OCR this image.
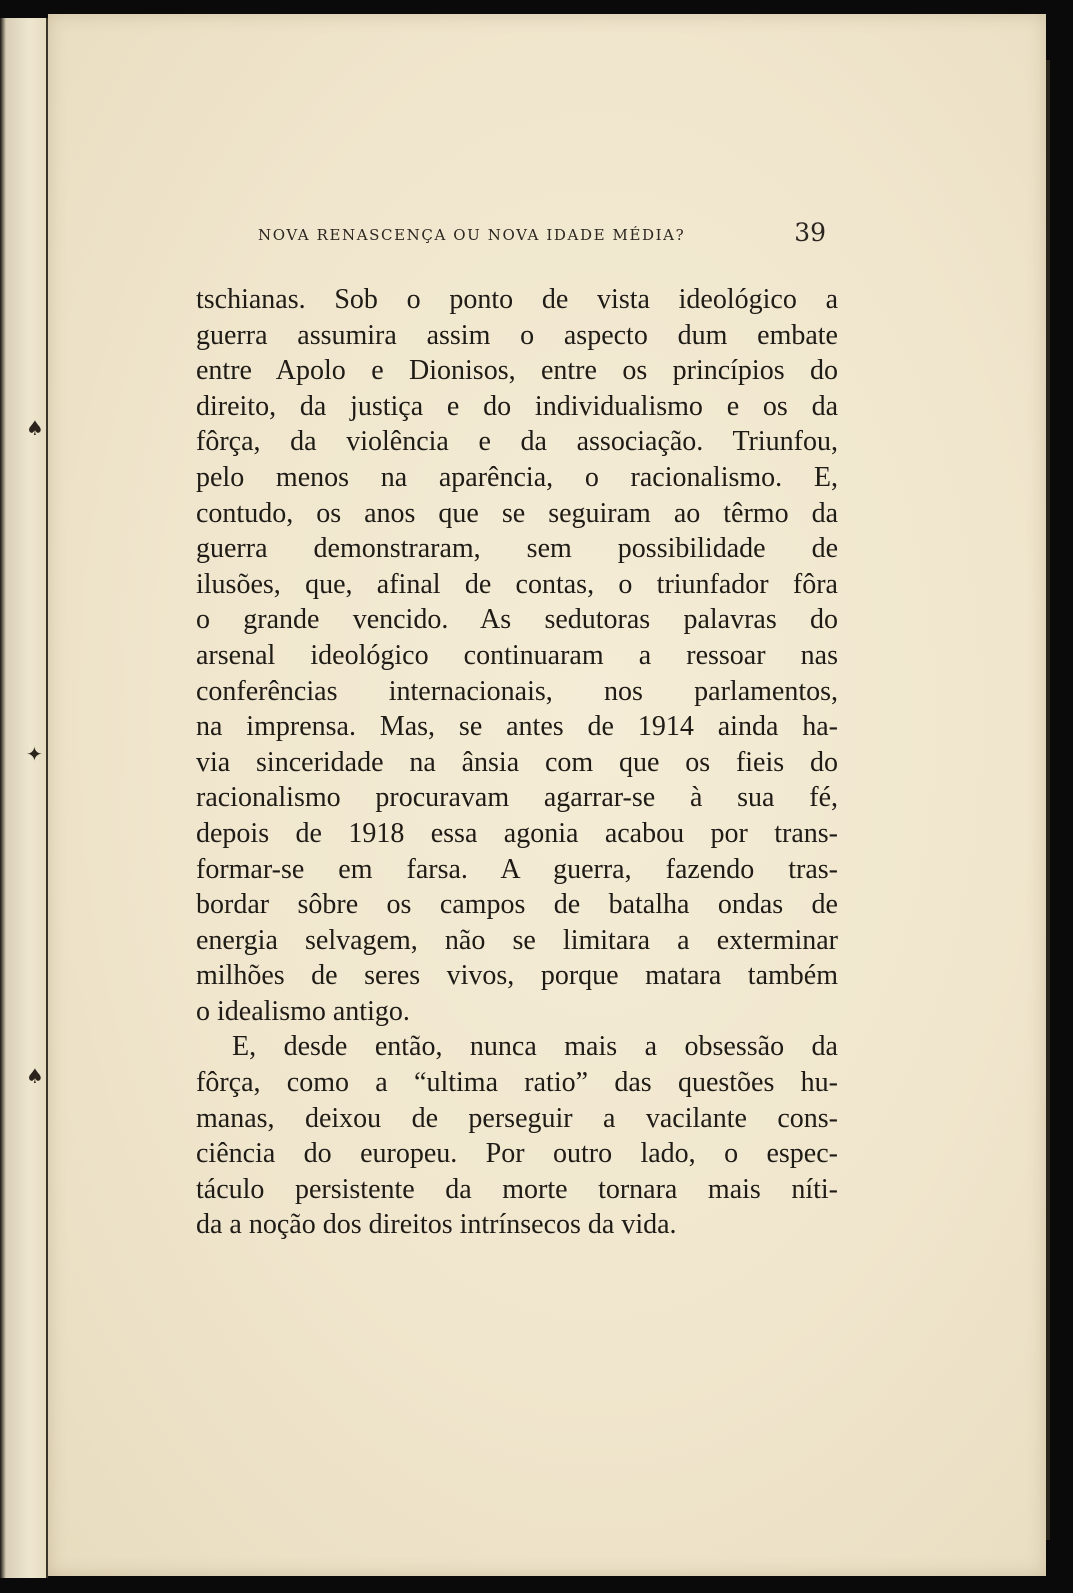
♠
✦
♠
NOVA RENASCENÇA OU NOVA IDADE MÉDIA?	39
tschianas. Sob o ponto de vista ideológico a
guerra assumira assim o aspecto dum embate
entre Apolo e Dionisos, entre os princípios do
direito, da justiça e do individualismo e os da
fôrça, da violência e da associação. Triunfou,
pelo menos na aparência, o racionalismo. E,
contudo, os anos que se seguiram ao têrmo da
guerra demonstraram, sem possibilidade de
ilusões, que, afinal de contas, o triunfador fôra
o grande vencido. As sedutoras palavras do
arsenal ideológico continuaram a ressoar nas
conferências internacionais, nos parlamentos,
na imprensa. Mas, se antes de 1914 ainda ha-
via sinceridade na ânsia com que os fieis do
racionalismo procuravam agarrar-se à sua fé,
depois de 1918 essa agonia acabou por trans-
formar-se em farsa. A guerra, fazendo tras-
bordar sôbre os campos de batalha ondas de
energia selvagem, não se limitara a exterminar
milhões de seres vivos, porque matara também
o idealismo antigo.
E, desde então, nunca mais a obsessão da
fôrça, como a “ultima ratio” das questões hu-
manas, deixou de perseguir a vacilante cons-
ciência do europeu. Por outro lado, o espec-
táculo persistente da morte tornara mais níti-
da a noção dos direitos intrínsecos da vida.
